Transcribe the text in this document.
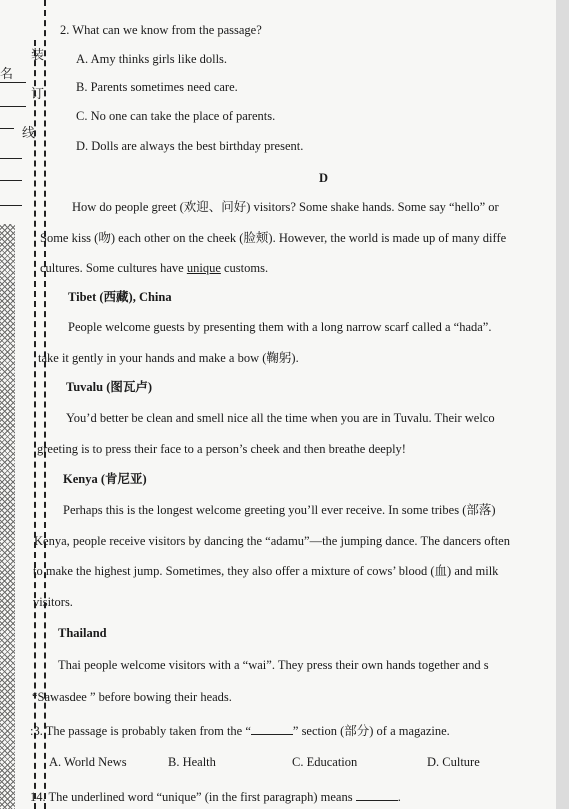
装
订
线
名
2. What can we know from the passage?
A. Amy thinks girls like dolls.
B. Parents sometimes need care.
C. No one can take the place of parents.
D. Dolls are always the best birthday present.
D
How do people greet (欢迎、问好) visitors? Some shake hands. Some say “hello” or
Some kiss (吻) each other on the cheek (脸颊). However, the world is made up of many diffe
cultures. Some cultures have unique customs.
Tibet (西藏), China
People welcome guests by presenting them with a long narrow scarf called a “hada”.
take it gently in your hands and make a bow (鞠躬).
Tuvalu (图瓦卢)
You’d better be clean and smell nice all the time when you are in Tuvalu. Their welco
greeting is to press their face to a person’s cheek and then breathe deeply!
Kenya (肯尼亚)
Perhaps this is the longest welcome greeting you’ll ever receive. In some tribes (部落)
Kenya, people receive visitors by dancing the “adamu”—the jumping dance. The dancers often
to make the highest jump. Sometimes, they also offer a mixture of cows’ blood (血) and milk
visitors.
Thailand
Thai people welcome visitors with a “wai”. They press their own hands together and s
“Sawasdee ” before bowing their heads.
:3. The passage is probably taken from the “	” section (部分) of a magazine.
A. World News	B. Health	C. Education	D. Culture
14. The underlined word “unique” (in the first paragraph) means	.
